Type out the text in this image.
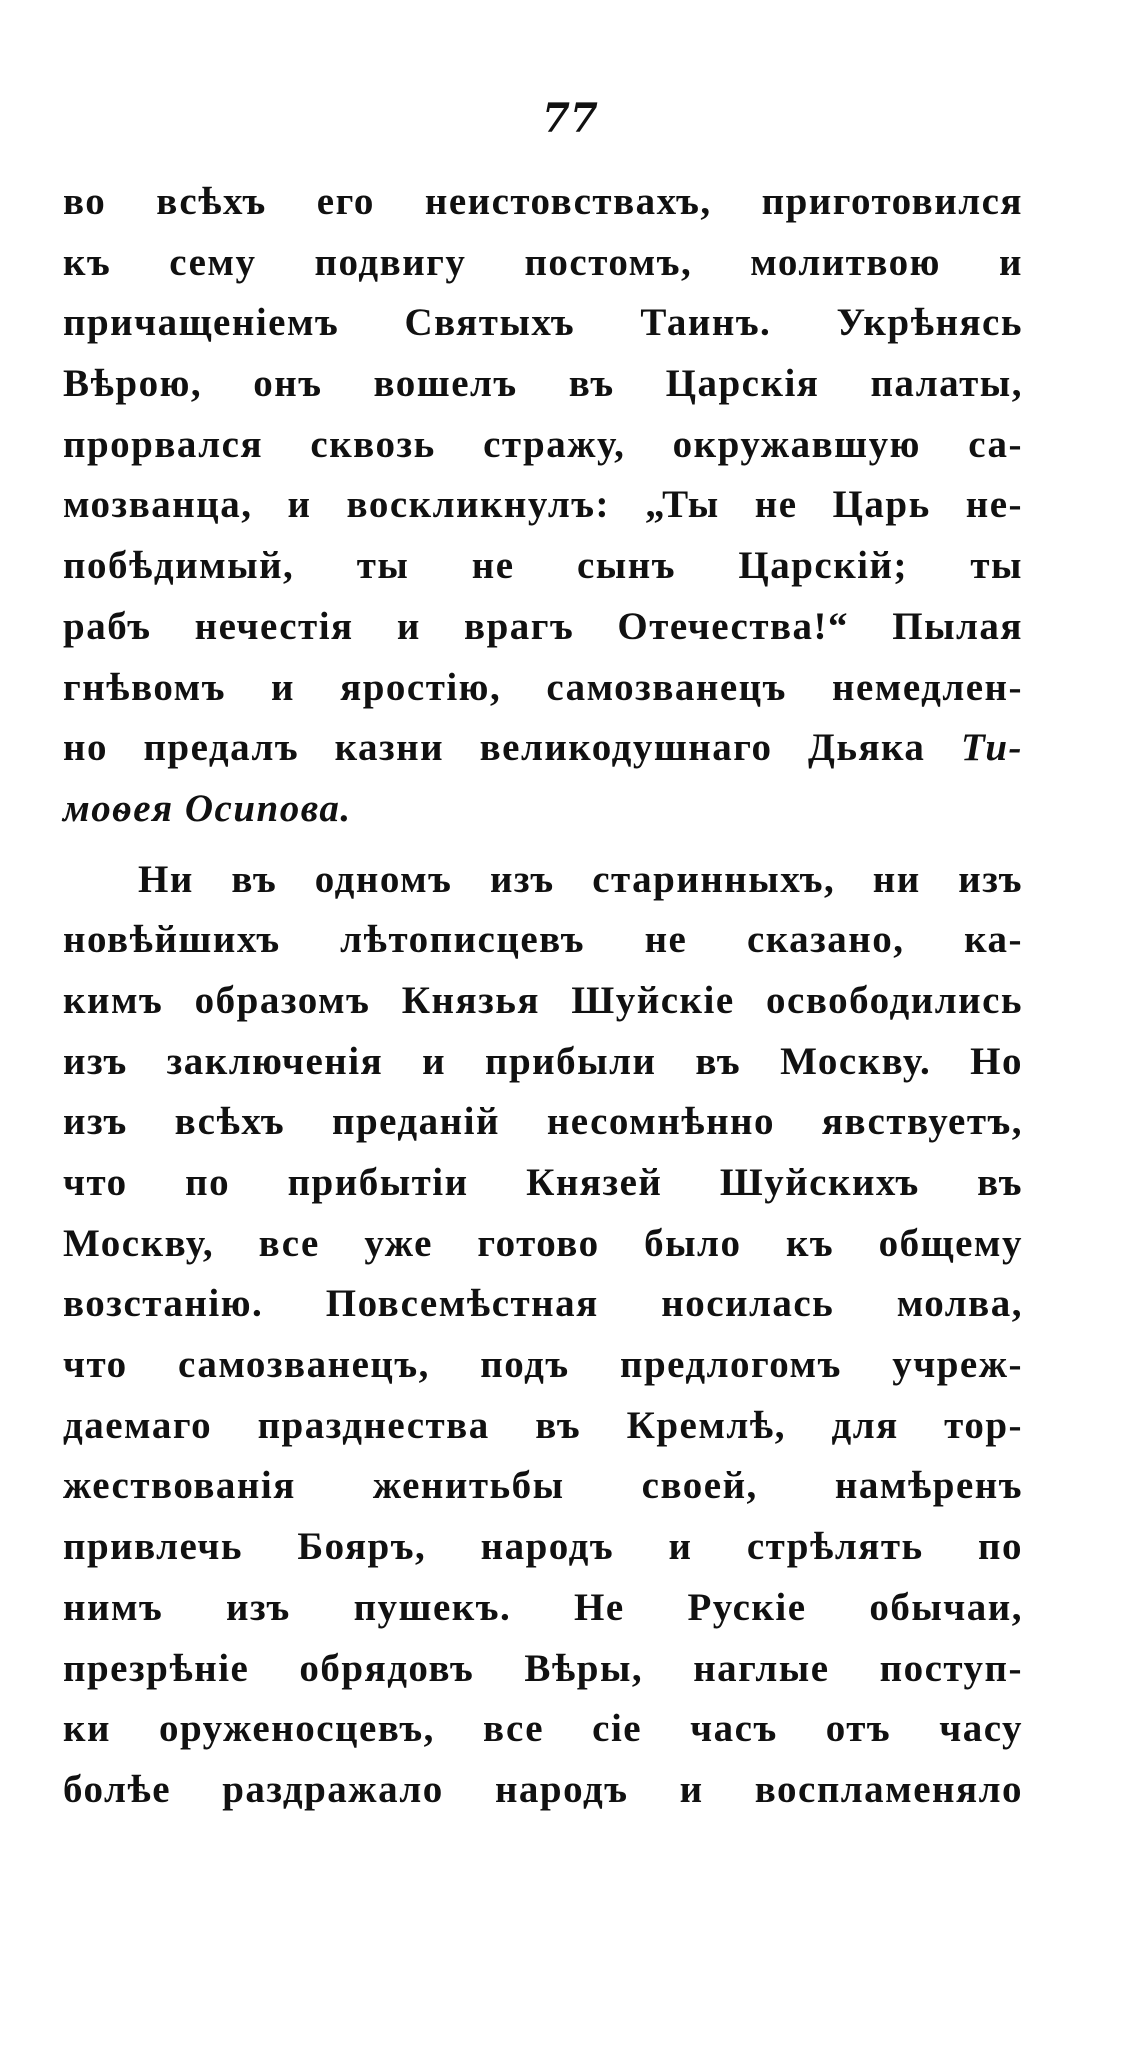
77
во всѣхъ его неистовствахъ, приготовился
къ сему подвигу постомъ, молитвою и
причащеніемъ Святыхъ Таинъ. Укрѣнясь
Вѣрою, онъ вошелъ въ Царскія палаты,
прорвался сквозь стражу, окружавшую са-
мозванца, и воскликнулъ: „Ты не Царь не-
побѣдимый, ты не сынъ Царскій; ты
рабъ нечестія и врагъ Отечества!“ Пылая
гнѣвомъ и яростію, самозванецъ немедлен-
но предалъ казни великодушнаго Дьяка Ти-
моѳея Осипова.
Ни въ одномъ изъ старинныхъ, ни изъ
новѣйшихъ лѣтописцевъ не сказано, ка-
кимъ образомъ Князья Шуйскіе освободились
изъ заключенія и прибыли въ Москву. Но
изъ всѣхъ преданій несомнѣнно явствуетъ,
что по прибытіи Князей Шуйскихъ въ
Москву, все уже готово было къ общему
возстанію. Повсемѣстная носилась молва,
что самозванецъ, подъ предлогомъ учреж-
даемаго празднества въ Кремлѣ, для тор-
жествованія женитьбы своей, намѣренъ
привлечь Бояръ, народъ и стрѣлять по
нимъ изъ пушекъ. Не Рускіе обычаи,
презрѣніе обрядовъ Вѣры, наглые поступ-
ки оруженосцевъ, все сіе часъ отъ часу
болѣе раздражало народъ и воспламеняло
